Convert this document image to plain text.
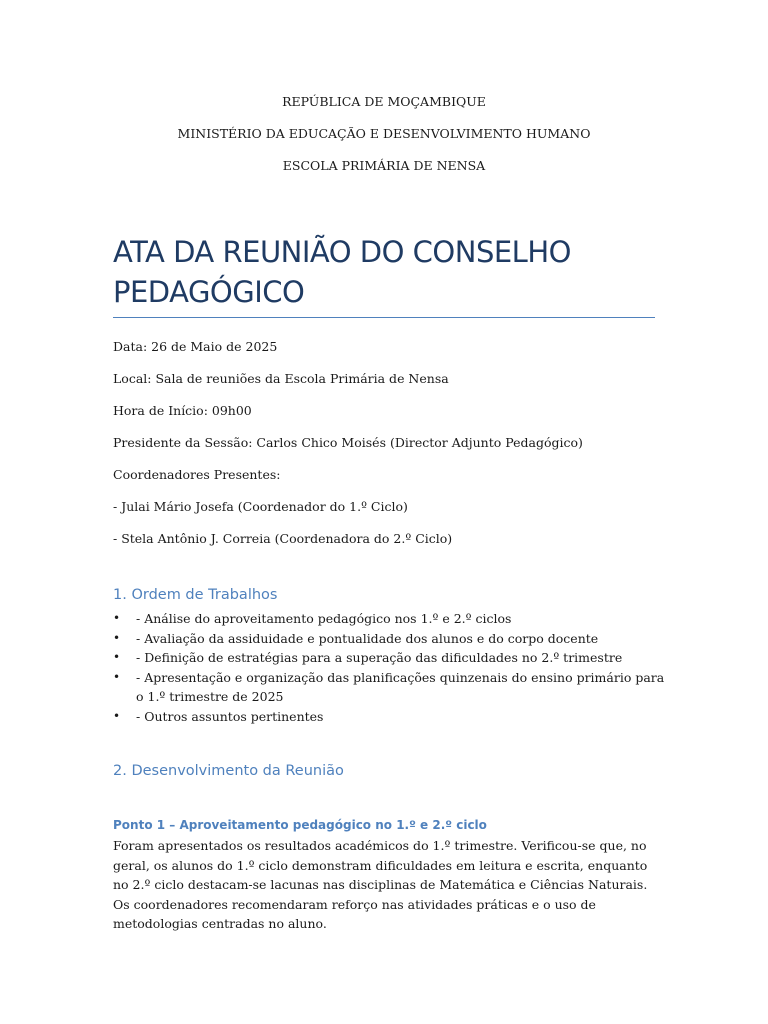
REPÚBLICA DE MOÇAMBIQUE
MINISTÉRIO DA EDUCAÇÃO E DESENVOLVIMENTO HUMANO
ESCOLA PRIMÁRIA DE NENSA
ATA DA REUNIÃO DO CONSELHO PEDAGÓGICO
Data: 26 de Maio de 2025
Local: Sala de reuniões da Escola Primária de Nensa
Hora de Início: 09h00
Presidente da Sessão: Carlos Chico Moisés (Director Adjunto Pedagógico)
Coordenadores Presentes:
- Julai Mário Josefa (Coordenador do 1.º Ciclo)
- Stela Antônio J. Correia (Coordenadora do 2.º Ciclo)
1. Ordem de Trabalhos
• - Análise do aproveitamento pedagógico nos 1.º e 2.º ciclos
• - Avaliação da assiduidade e pontualidade dos alunos e do corpo docente
• - Definição de estratégias para a superação das dificuldades no 2.º trimestre
• - Apresentação e organização das planificações quinzenais do ensino primário para o 1.º trimestre de 2025
• - Outros assuntos pertinentes
2. Desenvolvimento da Reunião
Ponto 1 – Aproveitamento pedagógico no 1.º e 2.º ciclo
Foram apresentados os resultados académicos do 1.º trimestre. Verificou-se que, no geral, os alunos do 1.º ciclo demonstram dificuldades em leitura e escrita, enquanto no 2.º ciclo destacam-se lacunas nas disciplinas de Matemática e Ciências Naturais. Os coordenadores recomendaram reforço nas atividades práticas e o uso de metodologias centradas no aluno.
